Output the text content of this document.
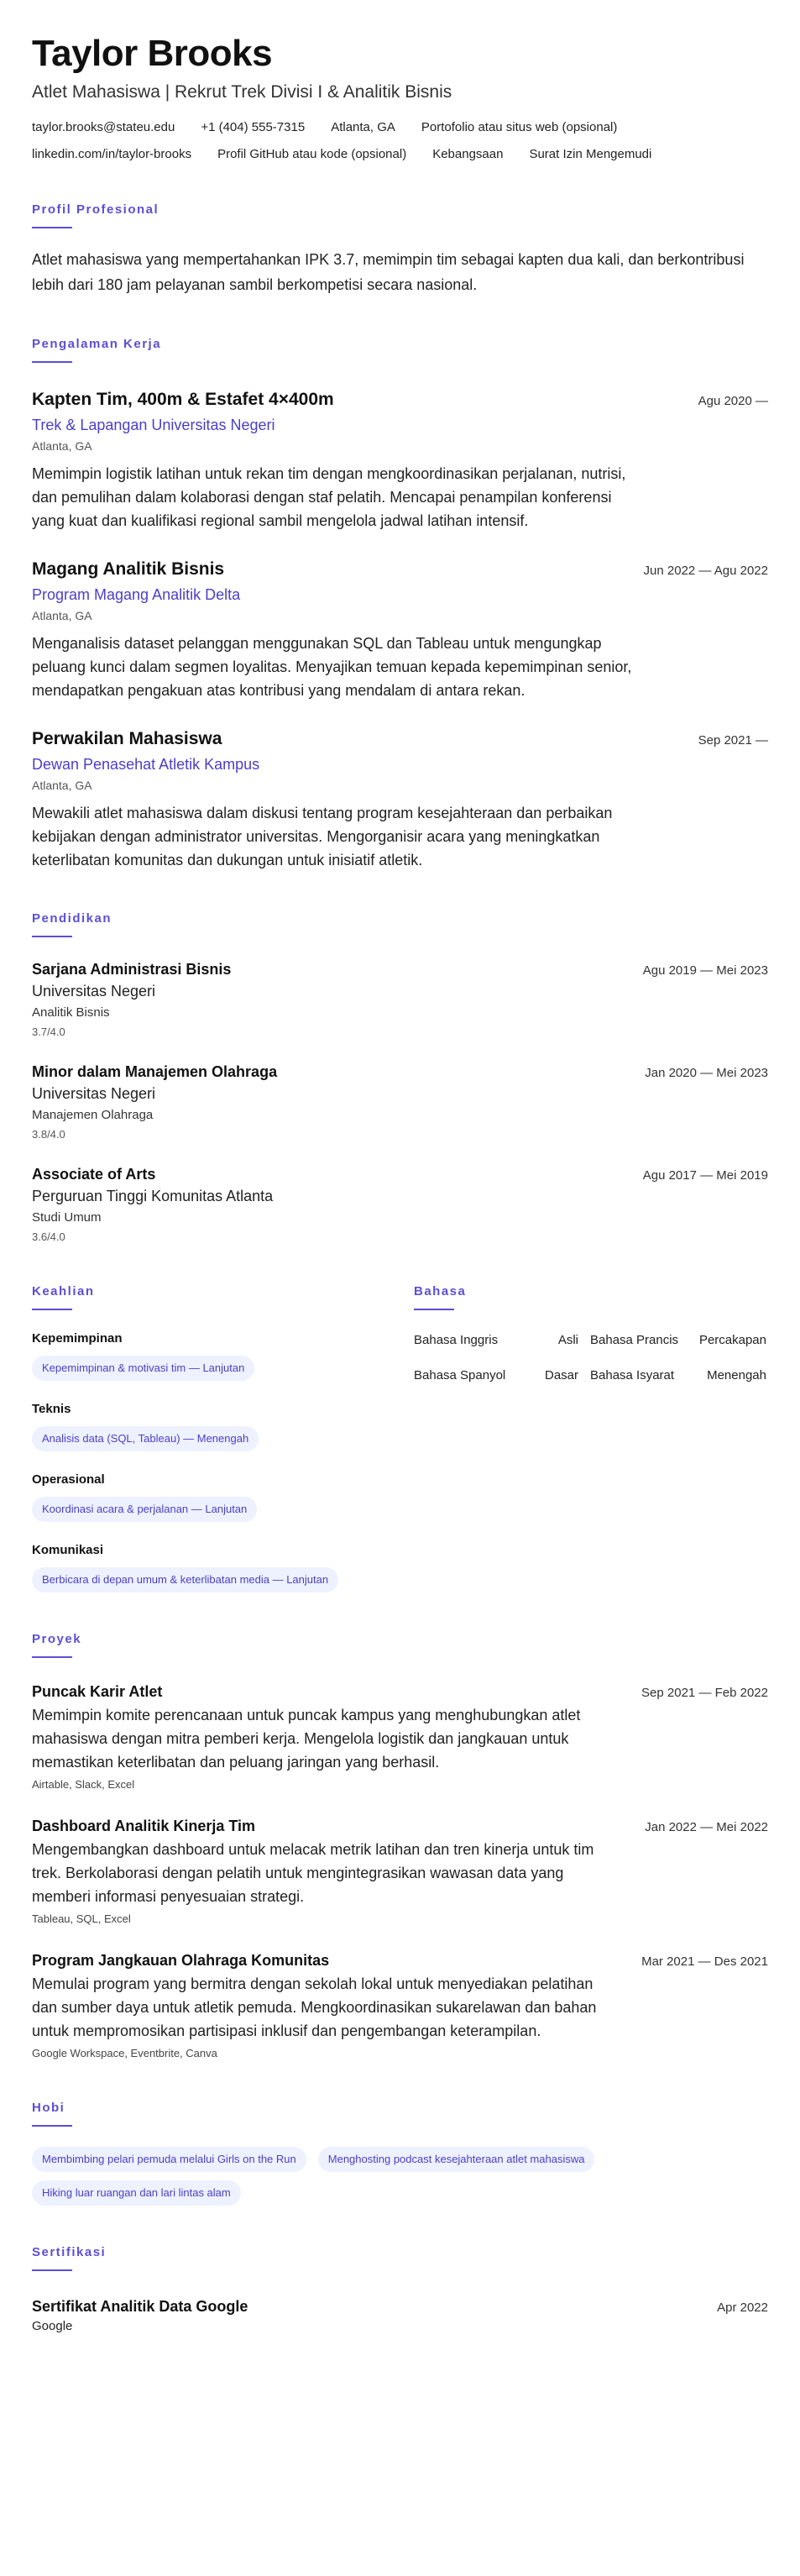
Taylor Brooks
Atlet Mahasiswa | Rekrut Trek Divisi I & Analitik Bisnis
taylor.brooks@stateu.edu +1 (404) 555-7315 Atlanta, GA Portofolio atau situs web (opsional)
linkedin.com/in/taylor-brooks Profil GitHub atau kode (opsional) Kebangsaan Surat Izin Mengemudi
Profil Profesional
Atlet mahasiswa yang mempertahankan IPK 3.7, memimpin tim sebagai kapten dua kali, dan berkontribusi lebih dari 180 jam pelayanan sambil berkompetisi secara nasional.
Pengalaman Kerja
Kapten Tim, 400m & Estafet 4×400m	Agu 2020 —
Trek & Lapangan Universitas Negeri
Atlanta, GA
Memimpin logistik latihan untuk rekan tim dengan mengkoordinasikan perjalanan, nutrisi, dan pemulihan dalam kolaborasi dengan staf pelatih. Mencapai penampilan konferensi yang kuat dan kualifikasi regional sambil mengelola jadwal latihan intensif.
Magang Analitik Bisnis	Jun 2022 — Agu 2022
Program Magang Analitik Delta
Atlanta, GA
Menganalisis dataset pelanggan menggunakan SQL dan Tableau untuk mengungkap peluang kunci dalam segmen loyalitas. Menyajikan temuan kepada kepemimpinan senior, mendapatkan pengakuan atas kontribusi yang mendalam di antara rekan.
Perwakilan Mahasiswa	Sep 2021 —
Dewan Penasehat Atletik Kampus
Atlanta, GA
Mewakili atlet mahasiswa dalam diskusi tentang program kesejahteraan dan perbaikan kebijakan dengan administrator universitas. Mengorganisir acara yang meningkatkan keterlibatan komunitas dan dukungan untuk inisiatif atletik.
Pendidikan
Sarjana Administrasi Bisnis	Agu 2019 — Mei 2023
Universitas Negeri
Analitik Bisnis
3.7/4.0
Minor dalam Manajemen Olahraga	Jan 2020 — Mei 2023
Universitas Negeri
Manajemen Olahraga
3.8/4.0
Associate of Arts	Agu 2017 — Mei 2019
Perguruan Tinggi Komunitas Atlanta
Studi Umum
3.6/4.0
Keahlian
Kepemimpinan
Kepemimpinan & motivasi tim — Lanjutan
Teknis
Analisis data (SQL, Tableau) — Menengah
Operasional
Koordinasi acara & perjalanan — Lanjutan
Komunikasi
Berbicara di depan umum & keterlibatan media — Lanjutan
Bahasa
Bahasa Inggris	Asli Bahasa Prancis	Percakapan
Bahasa Spanyol	Dasar Bahasa Isyarat	Menengah
Proyek
Puncak Karir Atlet	Sep 2021 — Feb 2022
Memimpin komite perencanaan untuk puncak kampus yang menghubungkan atlet mahasiswa dengan mitra pemberi kerja. Mengelola logistik dan jangkauan untuk memastikan keterlibatan dan peluang jaringan yang berhasil.
Airtable, Slack, Excel
Dashboard Analitik Kinerja Tim	Jan 2022 — Mei 2022
Mengembangkan dashboard untuk melacak metrik latihan dan tren kinerja untuk tim trek. Berkolaborasi dengan pelatih untuk mengintegrasikan wawasan data yang memberi informasi penyesuaian strategi.
Tableau, SQL, Excel
Program Jangkauan Olahraga Komunitas	Mar 2021 — Des 2021
Memulai program yang bermitra dengan sekolah lokal untuk menyediakan pelatihan dan sumber daya untuk atletik pemuda. Mengkoordinasikan sukarelawan dan bahan untuk mempromosikan partisipasi inklusif dan pengembangan keterampilan.
Google Workspace, Eventbrite, Canva
Hobi
Membimbing pelari pemuda melalui Girls on the Run	Menghosting podcast kesejahteraan atlet mahasiswa
Hiking luar ruangan dan lari lintas alam
Sertifikasi
Sertifikat Analitik Data Google	Apr 2022
Google
